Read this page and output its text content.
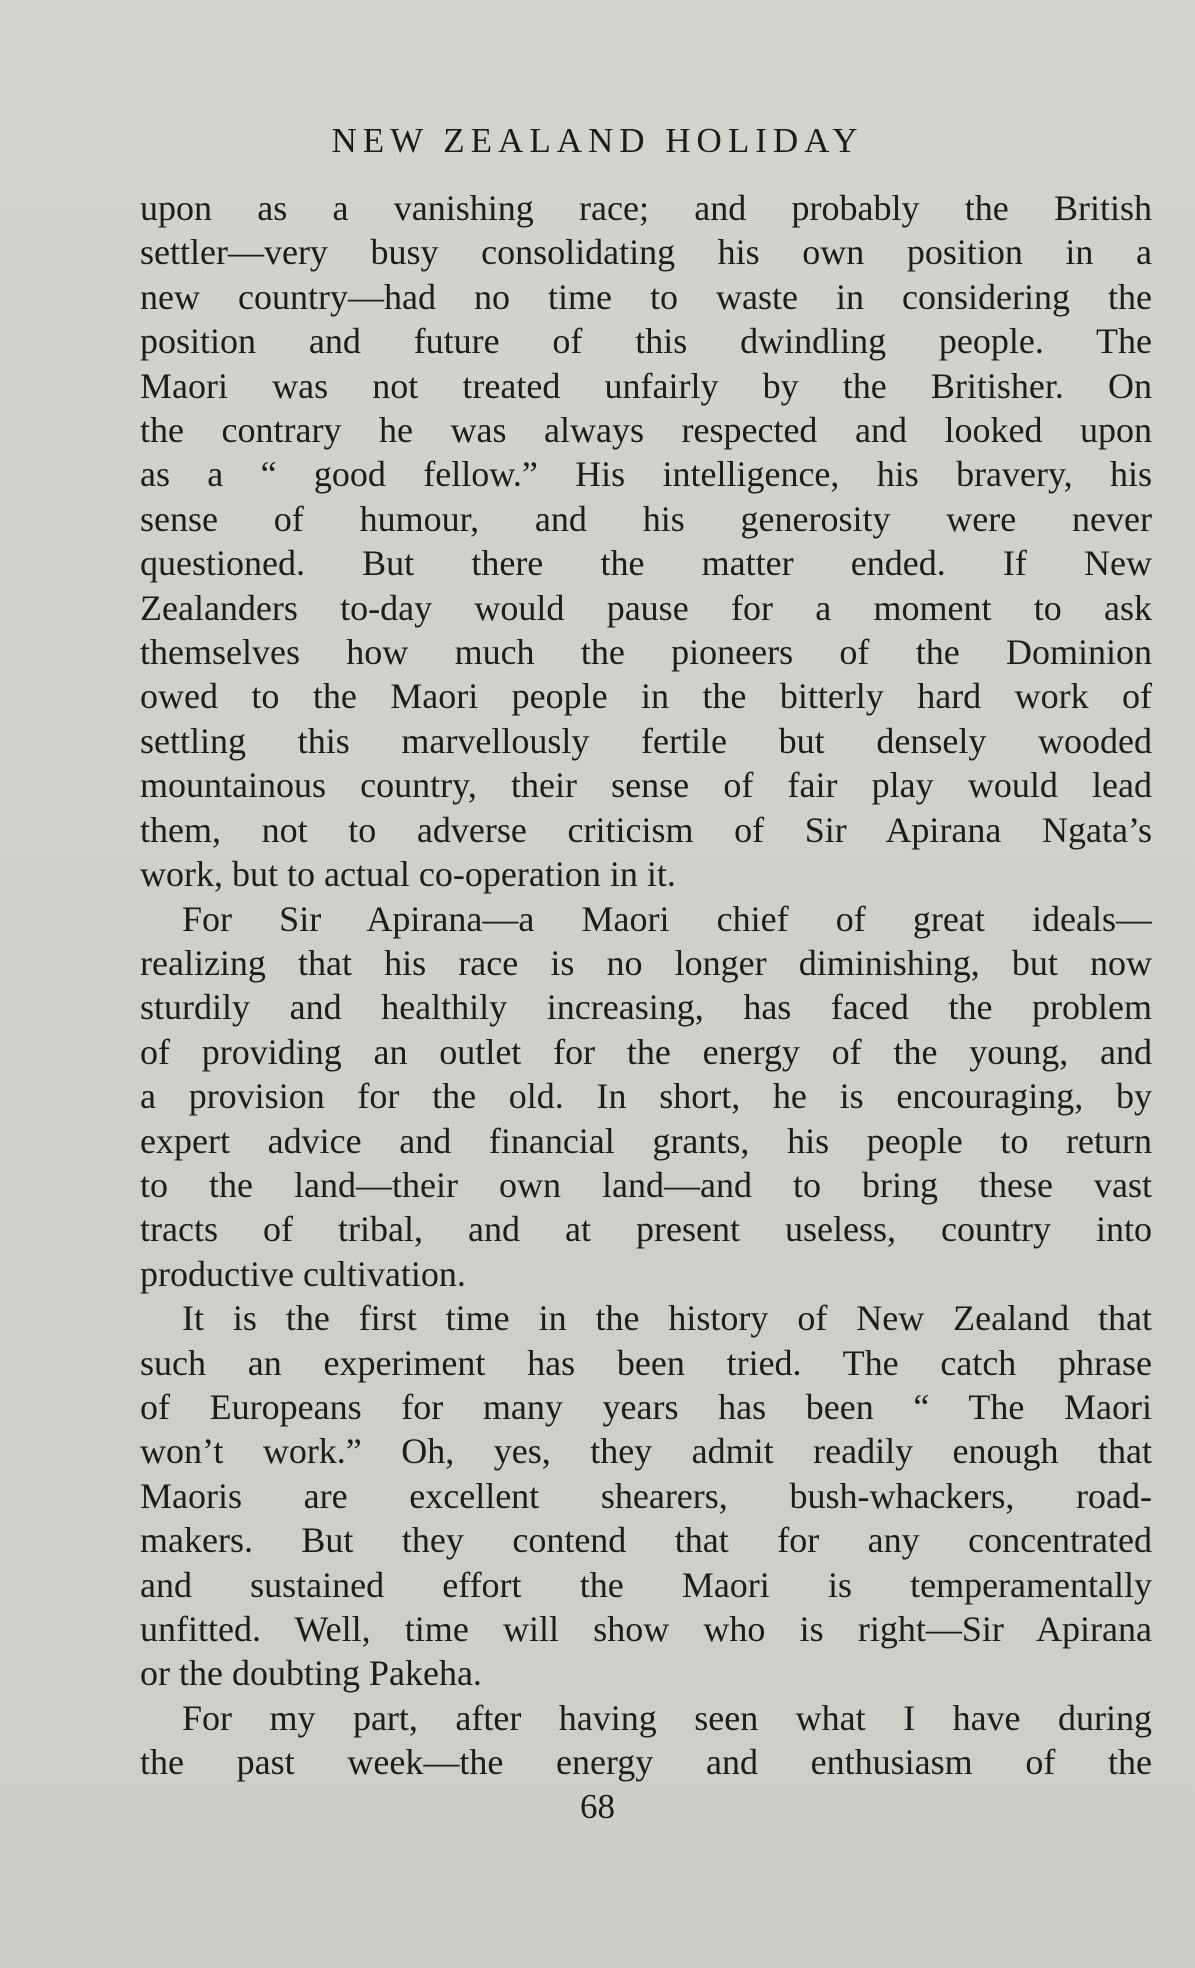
NEW ZEALAND HOLIDAY

upon as a vanishing race; and probably the British
settler—very busy consolidating his own position in a
new country—had no time to waste in considering the
position and future of this dwindling people. The
Maori was not treated unfairly by the Britisher. On
the contrary he was always respected and looked upon
as a “ good fellow.” His intelligence, his bravery, his
sense of humour, and his generosity were never
questioned. But there the matter ended. If New
Zealanders to-day would pause for a moment to ask
themselves how much the pioneers of the Dominion
owed to the Maori people in the bitterly hard work of
settling this marvellously fertile but densely wooded
mountainous country, their sense of fair play would lead
them, not to adverse criticism of Sir Apirana Ngata’s
work, but to actual co-operation in it.

For Sir Apirana—a Maori chief of great ideals—
realizing that his race is no longer diminishing, but now
sturdily and healthily increasing, has faced the problem
of providing an outlet for the energy of the young, and
a provision for the old. In short, he is encouraging, by
expert advice and financial grants, his people to return
to the land—their own land—and to bring these vast
tracts of tribal, and at present useless, country into
productive cultivation.

It is the first time in the history of New Zealand that
such an experiment has been tried. The catch phrase
of Europeans for many years has been “ The Maori
won’t work.” Oh, yes, they admit readily enough that
Maoris are excellent shearers, bush-whackers, road-
makers. But they contend that for any concentrated
and sustained effort the Maori is temperamentally
unfitted. Well, time will show who is right—Sir Apirana
or the doubting Pakeha.

For my part, after having seen what I have during
the past week—the energy and enthusiasm of the

68
